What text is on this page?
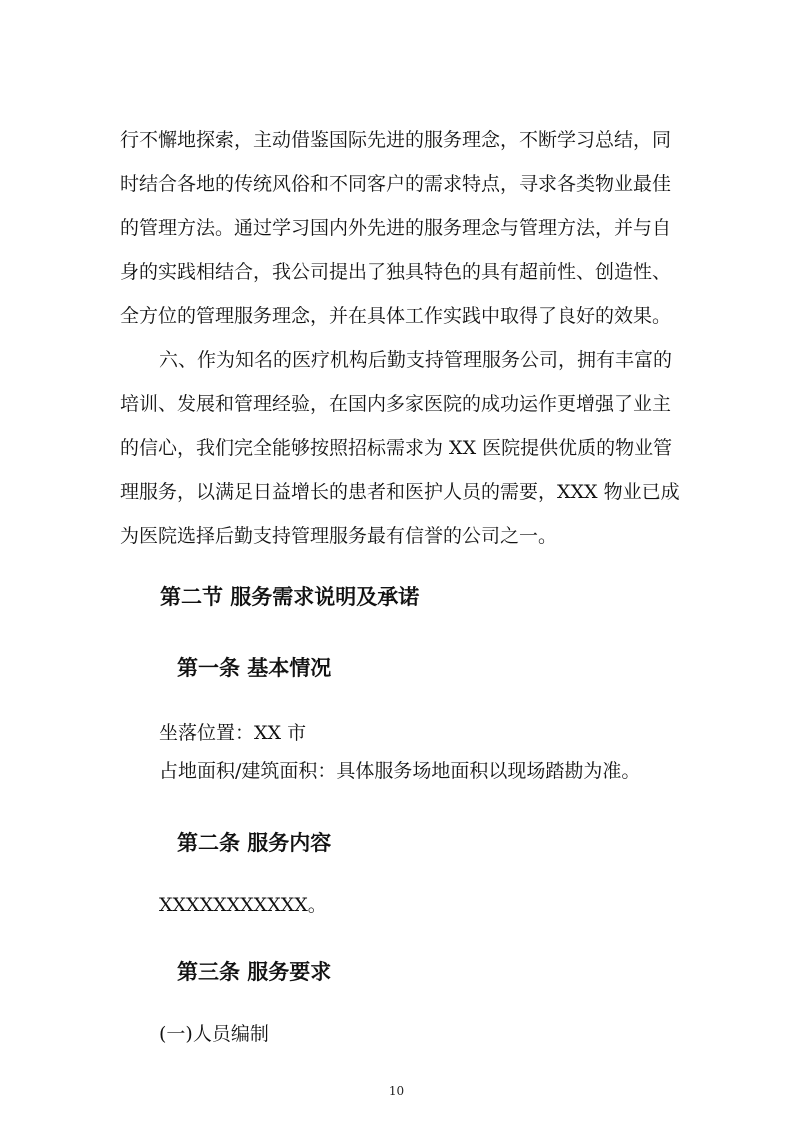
行不懈地探索，主动借鉴国际先进的服务理念，不断学习总结，同
时结合各地的传统风俗和不同客户的需求特点，寻求各类物业最佳
的管理方法。通过学习国内外先进的服务理念与管理方法，并与自
身的实践相结合，我公司提出了独具特色的具有超前性、创造性、
全方位的管理服务理念，并在具体工作实践中取得了良好的效果。
六、作为知名的医疗机构后勤支持管理服务公司，拥有丰富的
培训、发展和管理经验，在国内多家医院的成功运作更增强了业主
的信心，我们完全能够按照招标需求为 XX 医院提供优质的物业管
理服务，以满足日益增长的患者和医护人员的需要，XXX 物业已成
为医院选择后勤支持管理服务最有信誉的公司之一。
第二节 服务需求说明及承诺
第一条 基本情况
坐落位置：XX 市
占地面积/建筑面积：具体服务场地面积以现场踏勘为准。
第二条 服务内容
XXXXXXXXXXX。
第三条 服务要求
(一)人员编制
10
